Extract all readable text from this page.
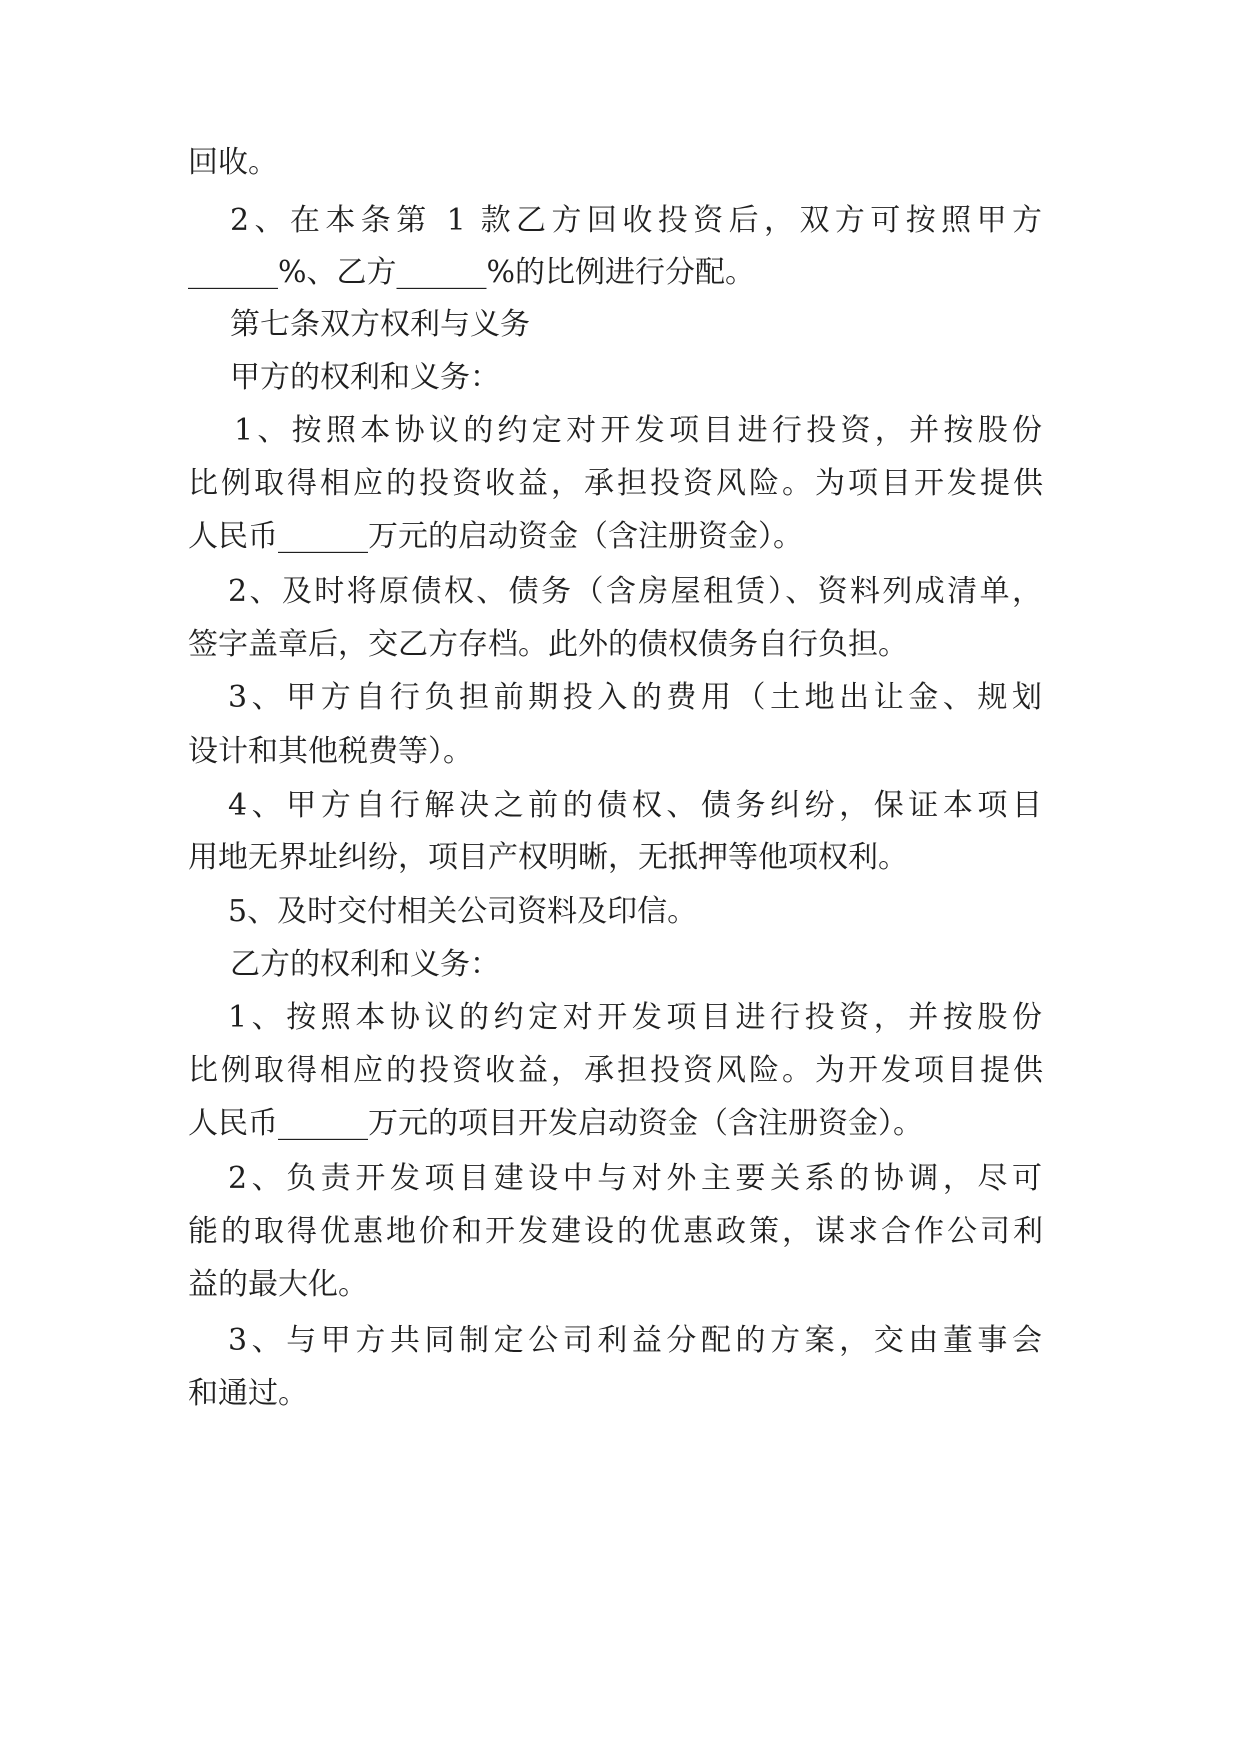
回收。

2、在本条第 1 款乙方回收投资后，双方可按照甲方

______%、乙方______%的比例进行分配。

第七条双方权利与义务

甲方的权利和义务：

1、按照本协议的约定对开发项目进行投资，并按股份

比例取得相应的投资收益，承担投资风险。为项目开发提供

人民币______万元的启动资金（含注册资金）。

2、及时将原债权、债务（含房屋租赁）、资料列成清单，

签字盖章后，交乙方存档。此外的债权债务自行负担。

3、甲方自行负担前期投入的费用（土地出让金、规划

设计和其他税费等）。

4、甲方自行解决之前的债权、债务纠纷，保证本项目

用地无界址纠纷，项目产权明晰，无抵押等他项权利。

5、及时交付相关公司资料及印信。

乙方的权利和义务：

1、按照本协议的约定对开发项目进行投资，并按股份

比例取得相应的投资收益，承担投资风险。为开发项目提供

人民币______万元的项目开发启动资金（含注册资金）。

2、负责开发项目建设中与对外主要关系的协调，尽可

能的取得优惠地价和开发建设的优惠政策，谋求合作公司利

益的最大化。

3、与甲方共同制定公司利益分配的方案，交由董事会

和通过。
